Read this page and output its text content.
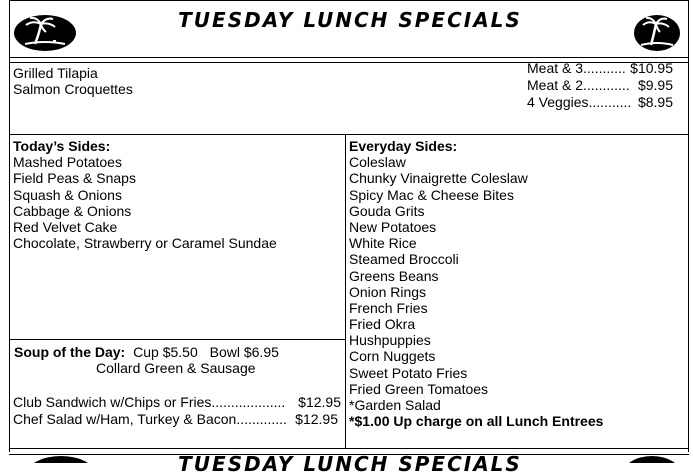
TUESDAY LUNCH SPECIALS
Grilled Tilapia
Salmon Croquettes
Meat & 3 ........... $10.95
Meat & 2 ............ $9.95
4 Veggies ........... $8.95
Today’s Sides:
Mashed Potatoes
Field Peas & Snaps
Squash & Onions
Cabbage & Onions
Red Velvet Cake
Chocolate, Strawberry or Caramel Sundae
Soup of the Day: Cup $5.50 Bowl $6.95
Collard Green & Sausage
Club Sandwich w/Chips or Fries ................... $12.95
Chef Salad w/Ham, Turkey & Bacon ............. $12.95
Everyday Sides:
Coleslaw
Chunky Vinaigrette Coleslaw
Spicy Mac & Cheese Bites
Gouda Grits
New Potatoes
White Rice
Steamed Broccoli
Greens Beans
Onion Rings
French Fries
Fried Okra
Hushpuppies
Corn Nuggets
Sweet Potato Fries
Fried Green Tomatoes
*Garden Salad
*$1.00 Up charge on all Lunch Entrees
TUESDAY LUNCH SPECIALS
